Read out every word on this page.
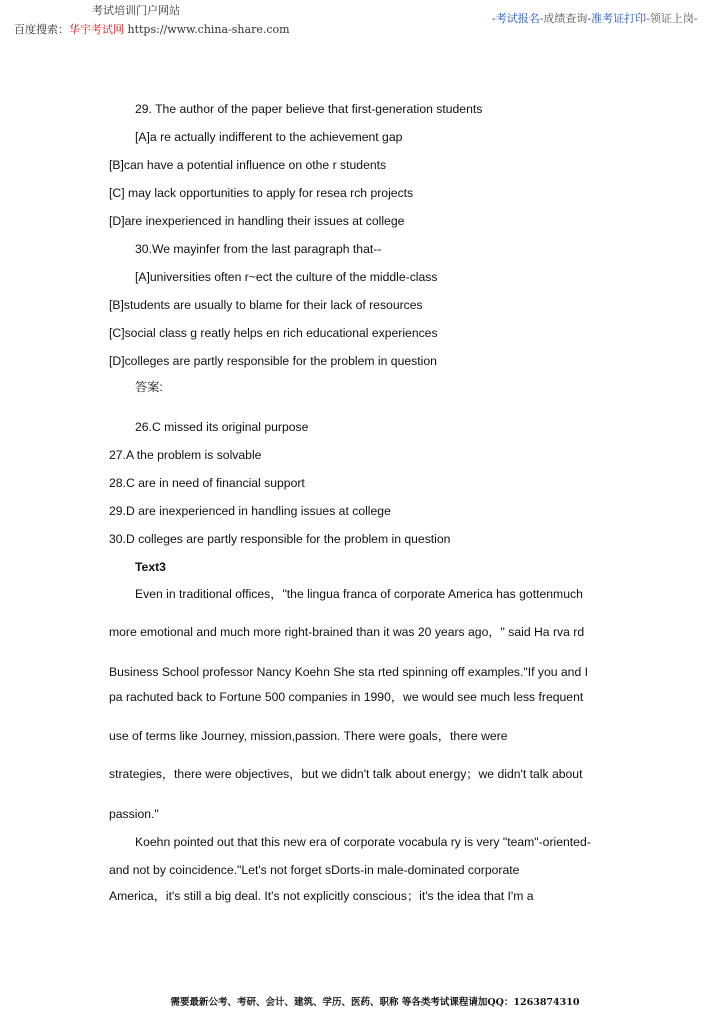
考试培训门户网站
百度搜索：华宇考试网 https://www.china-share.com
-考试报名-成绩查询-准考证打印-领证上岗-
29. The author of the paper believe that first-generation students
[A]a re actually indifferent to the achievement gap
[B]can have a potential influence on othe r students
[C] may lack opportunities to apply for resea rch projects
[D]are inexperienced in handling their issues at college
30.We mayinfer from the last paragraph that--
[A]universities often r~ect the culture of the middle-class
[B]students are usually to blame for their lack of resources
[C]social class g reatly helps en rich educational experiences
[D]colleges are partly responsible for the problem in question
答案:
26.C missed its original purpose
27.A the problem is solvable
28.C are in need of financial support
29.D are inexperienced in handling issues at college
30.D colleges are partly responsible for the problem in question
Text3
Even in traditional offices，"the lingua franca of corporate America has gottenmuch
more emotional and much more right-brained than it was 20 years ago，" said Ha rva rd
Business School professor Nancy Koehn She sta rted spinning off examples."If you and I
pa rachuted back to Fortune 500 companies in 1990，we would see much less frequent
use of terms like Journey, mission,passion. There were goals，there were
strategies，there were objectives，but we didn't talk about energy；we didn't talk about
passion."
Koehn pointed out that this new era of corporate vocabula ry is very "team"-oriented-
and not by coincidence."Let's not forget sDorts-in male-dominated corporate
America，it's still a big deal. It's not explicitly conscious；it's the idea that I'm a
需要最新公考、考研、会计、建筑、学历、医药、职称 等各类考试课程请加QQ：1263874310
